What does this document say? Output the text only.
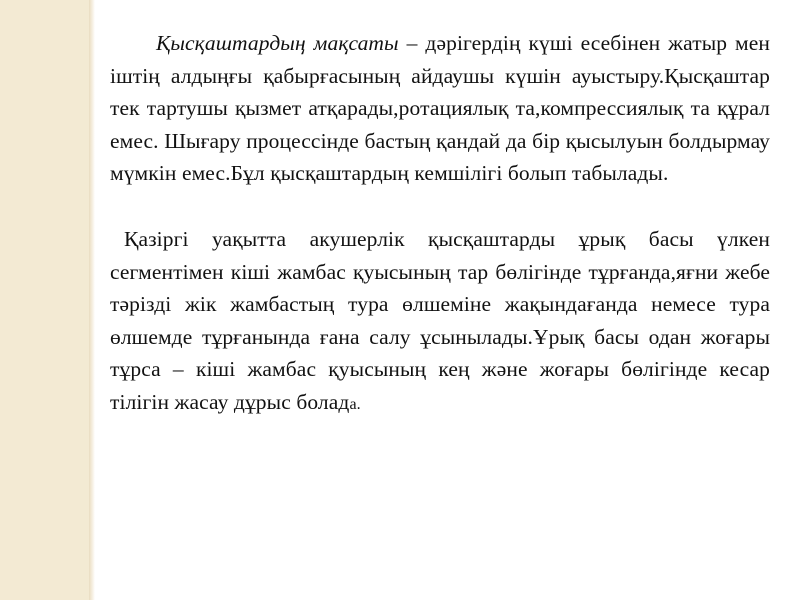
Қысқаштардың мақсаты – дәрігердің күші есебінен жатыр мен іштің алдыңғы қабырғасының айдаушы күшін ауыстыру.Қысқаштар тек тартушы қызмет атқарады,ротациялық та,компрессиялық та құрал емес. Шығару процессінде бастың қандай да бір қысылуын болдырмау мүмкін емес.Бұл қысқаштардың кемшілігі болып табылады.

Қазіргі уақытта акушерлік қысқаштарды ұрық басы үлкен сегментімен кіші жамбас қуысының тар бөлігінде тұрғанда,яғни жебе тәрізді жік жамбастың тура өлшеміне жақындағанда немесе тура өлшемде тұрғанында ғана салу ұсынылады.Ұрық басы одан жоғары тұрса – кіші жамбас қуысының кең және жоғары бөлігінде кесар тілігін жасау дұрыс болада.
